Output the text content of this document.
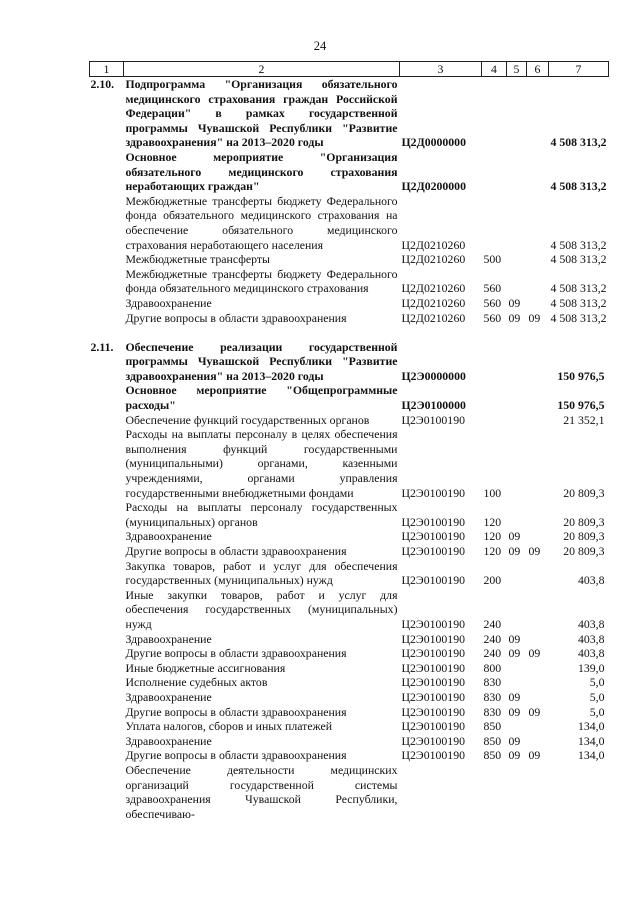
24
1	2	3	4	5	6	7
2.10.	Подпрограмма "Организация обязательного медицинского страхования граждан Российской Федерации" в рамках государственной программы Чувашской Республики "Развитие здравоохранения" на 2013–2020 годы	Ц2Д0000000				4 508 313,2
	Основное мероприятие "Организация обязательного медицинского страхования неработающих граждан"	Ц2Д0200000				4 508 313,2
	Межбюджетные трансферты бюджету Федерального фонда обязательного медицинского страхования на обеспечение обязательного медицинского страхования неработающего населения	Ц2Д0210260				4 508 313,2
	Межбюджетные трансферты	Ц2Д0210260	500			4 508 313,2
	Межбюджетные трансферты бюджету Федерального фонда обязательного медицинского страхования	Ц2Д0210260	560			4 508 313,2
	Здравоохранение	Ц2Д0210260	560	09		4 508 313,2
	Другие вопросы в области здравоохранения	Ц2Д0210260	560	09	09	4 508 313,2

2.11.	Обеспечение реализации государственной программы Чувашской Республики "Развитие здравоохранения" на 2013–2020 годы	Ц2Э0000000				150 976,5
	Основное мероприятие "Общепрограммные расходы"	Ц2Э0100000				150 976,5
	Обеспечение функций государственных органов	Ц2Э0100190				21 352,1
	Расходы на выплаты персоналу в целях обеспечения выполнения функций государственными (муниципальными) органами, казенными учреждениями, органами управления государственными внебюджетными фондами	Ц2Э0100190	100			20 809,3
	Расходы на выплаты персоналу государственных (муниципальных) органов	Ц2Э0100190	120			20 809,3
	Здравоохранение	Ц2Э0100190	120	09		20 809,3
	Другие вопросы в области здравоохранения	Ц2Э0100190	120	09	09	20 809,3
	Закупка товаров, работ и услуг для обеспечения государственных (муниципальных) нужд	Ц2Э0100190	200			403,8
	Иные закупки товаров, работ и услуг для обеспечения государственных (муниципальных) нужд	Ц2Э0100190	240			403,8
	Здравоохранение	Ц2Э0100190	240	09		403,8
	Другие вопросы в области здравоохранения	Ц2Э0100190	240	09	09	403,8
	Иные бюджетные ассигнования	Ц2Э0100190	800			139,0
	Исполнение судебных актов	Ц2Э0100190	830			5,0
	Здравоохранение	Ц2Э0100190	830	09		5,0
	Другие вопросы в области здравоохранения	Ц2Э0100190	830	09	09	5,0
	Уплата налогов, сборов и иных платежей	Ц2Э0100190	850			134,0
	Здравоохранение	Ц2Э0100190	850	09		134,0
	Другие вопросы в области здравоохранения	Ц2Э0100190	850	09	09	134,0
	Обеспечение деятельности медицинских организаций государственной системы здравоохранения Чувашской Республики, обеспечиваю-					
